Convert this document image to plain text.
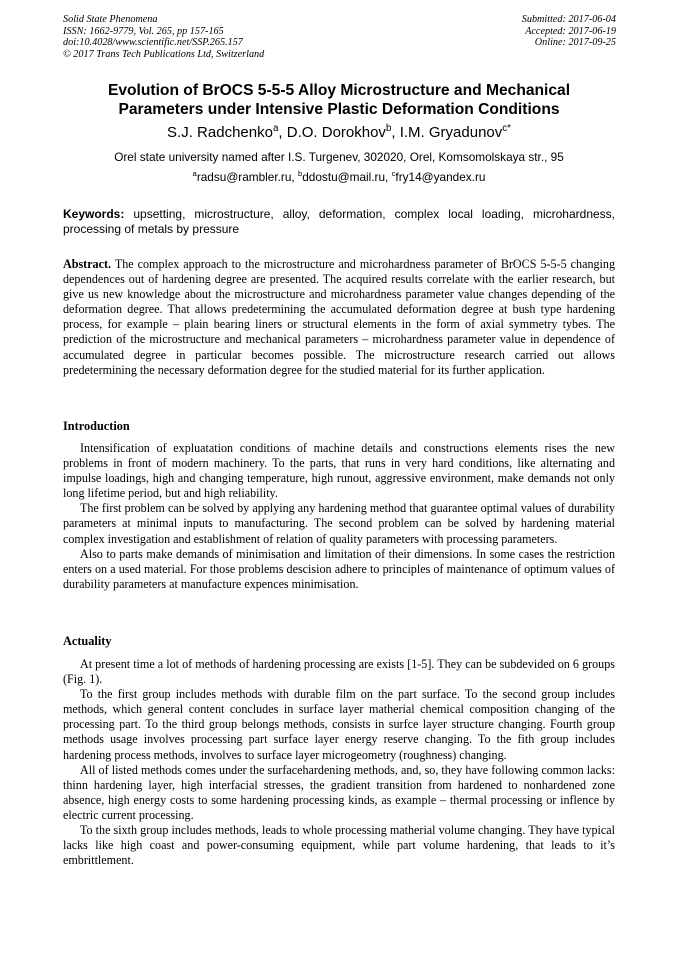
Solid State Phenomena
ISSN: 1662-9779, Vol. 265, pp 157-165
doi:10.4028/www.scientific.net/SSP.265.157
© 2017 Trans Tech Publications Ltd, Switzerland
Submitted: 2017-06-04
Accepted: 2017-06-19
Online: 2017-09-25
Evolution of BrOCS 5-5-5 Alloy Microstructure and Mechanical
Parameters under Intensive Plastic Deformation Conditions
S.J. Radchenko$^a$, D.O. Dorokhov$^b$, I.M. Gryadunov$^{c*}$
Orel state university named after I.S. Turgenev, 302020, Orel, Komsomolskaya str., 95
$^a$radsu@rambler.ru, $^b$ddostu@mail.ru, $^c$fry14@yandex.ru
Keywords: upsetting, microstructure, alloy, deformation, complex local loading, microhardness, processing of metals by pressure

Abstract. The complex approach to the microstructure and microhardness parameter of BrOCS 5-5-5 changing dependences out of hardening degree are presented. The acquired results correlate with the earlier research, but give us new knowledge about the microstructure and microhardness parameter value changes depending of the deformation degree. That allows predetermining the accumulated deformation degree at bush type hardening process, for example – plain bearing liners or structural elements in the form of axial symmetry tybes. The prediction of the microstructure and mechanical parameters – microhardness parameter value in dependence of accumulated degree in particular becomes possible. The microstructure research carried out allows predetermining the necessary deformation degree for the studied material for its further application.

Introduction

Intensification of expluatation conditions of machine details and constructions elements rises the new problems in front of modern machinery. To the parts, that runs in very hard conditions, like alternating and impulse loadings, high and changing temperature, high runout, aggressive environment, make demands not only long lifetime period, but and high reliability.

The first problem can be solved by applying any hardening method that guarantee optimal values of durability parameters at minimal inputs to manufacturing. The second problem can be solved by hardening material complex investigation and establishment of relation of quality parameters with processing parameters.

Also to parts make demands of minimisation and limitation of their dimensions. In some cases the restriction enters on a used material. For those problems descision adhere to principles of maintenance of optimum values of durability parameters at manufacture expences minimisation.

Actuality

At present time a lot of methods of hardening processing are exists [1-5]. They can be subdevided on 6 groups (Fig. 1).

To the first group includes methods with durable film on the part surface. To the second group includes methods, which general content concludes in surface layer matherial chemical composition changing of the processing part. To the third group belongs methods, consists in surfce layer structure changing. Fourth group methods usage involves processing part surface layer energy reserve changing. To the fith group includes hardening process methods, involves to surface layer microgeometry (roughness) changing.

All of listed methods comes under the surfacehardening methods, and, so, they have following common lacks: thinn hardening layer, high interfacial stresses, the gradient transition from hardened to nonhardened zone absence, high energy costs to some hardening processing kinds, as example – thermal processing or inflence by electric current processing.

To the sixth group includes methods, leads to whole processing matherial volume changing. They have typical lacks like high coast and power-consuming equipment, while part volume hardening, that leads to it’s embrittlement.
